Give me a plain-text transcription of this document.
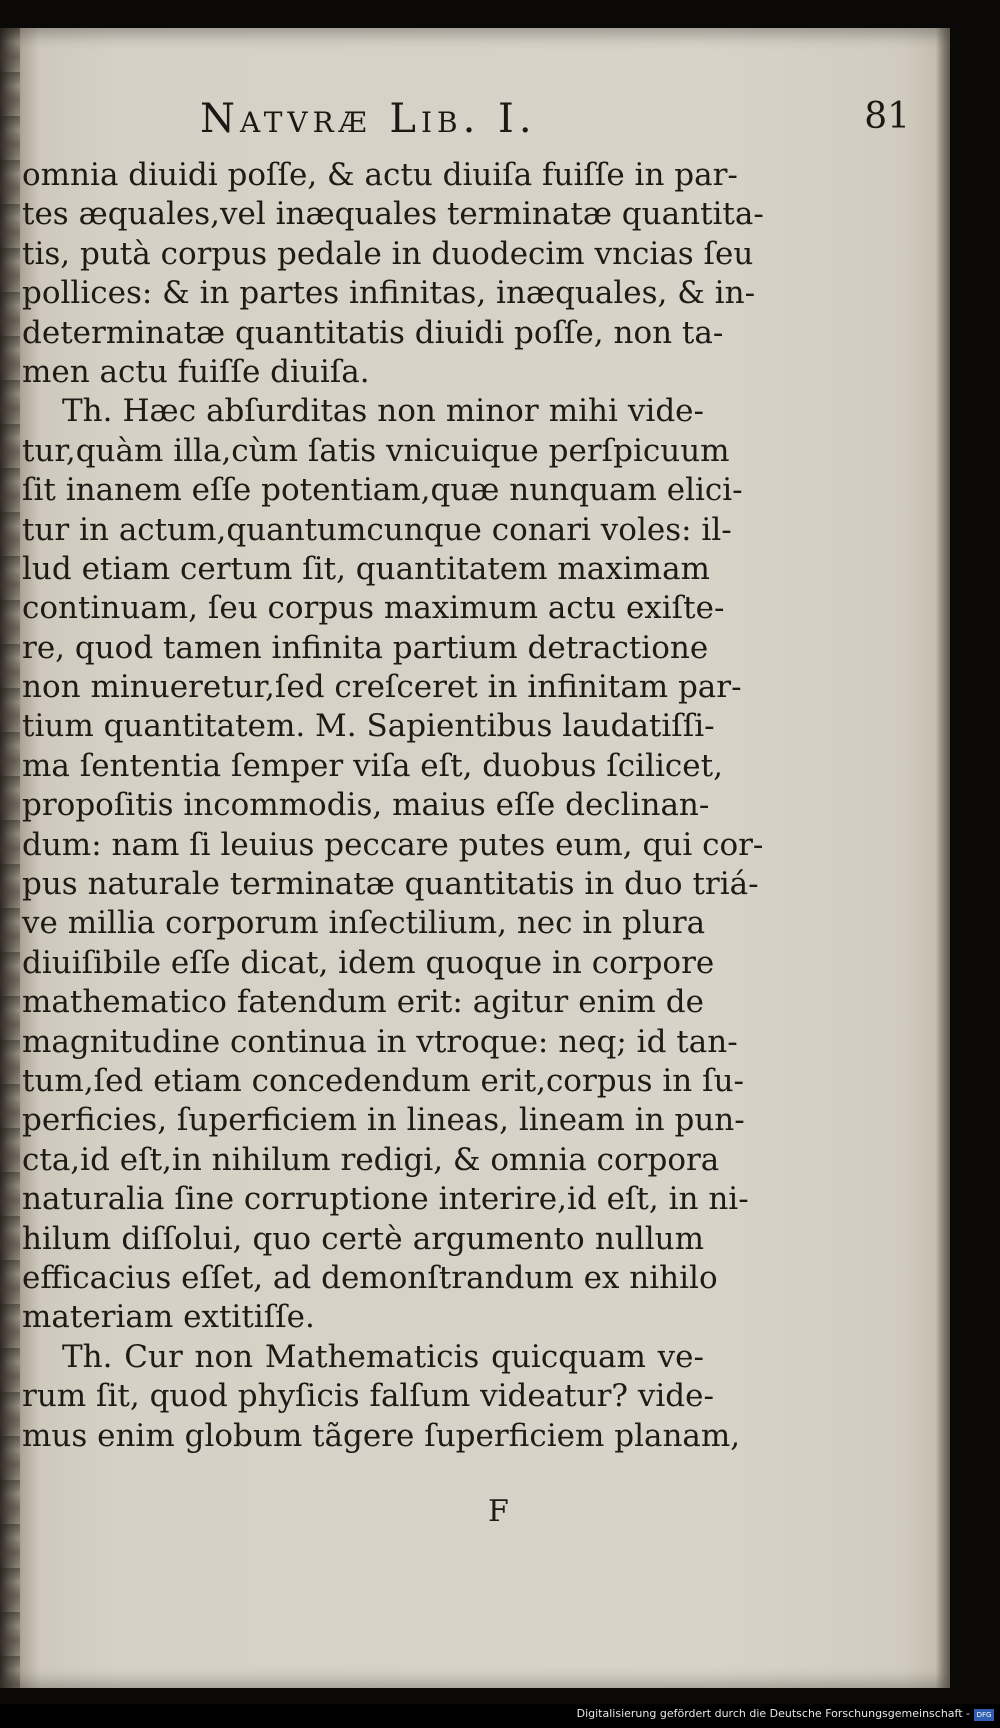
Natvræ Lib. I.	81
omnia diuidi poſſe, & actu diuiſa fuiſſe in par-
tes æquales,vel inæquales terminatæ quantita-
tis, putà corpus pedale in duodecim vncias ſeu
pollices: & in partes infinitas, inæquales, & in-
determinatæ quantitatis diuidi poſſe, non ta-
men actu fuiſſe diuiſa.
Th. Hæc abſurditas non minor mihi vide-
tur,quàm illa,cùm ſatis vnicuique perſpicuum
ſit inanem eſſe potentiam,quæ nunquam elici-
tur in actum,quantumcunque conari voles: il-
lud etiam certum ſit, quantitatem maximam
continuam, ſeu corpus maximum actu exiſte-
re, quod tamen infinita partium detractione
non minueretur,ſed creſceret in infinitam par-
tium quantitatem. M. Sapientibus laudatiſſi-
ma ſententia ſemper viſa eſt, duobus ſcilicet,
propoſitis incommodis, maius eſſe declinan-
dum: nam ſi leuius peccare putes eum, qui cor-
pus naturale terminatæ quantitatis in duo triá-
ve millia corporum inſectilium, nec in plura
diuiſibile eſſe dicat, idem quoque in corpore
mathematico fatendum erit: agitur enim de
magnitudine continua in vtroque: neq; id tan-
tum,ſed etiam concedendum erit,corpus in ſu-
perficies, ſuperficiem in lineas, lineam in pun-
cta,id eſt,in nihilum redigi, & omnia corpora
naturalia ſine corruptione interire,id eſt, in ni-
hilum diſſolui, quo certè argumento nullum
efficacius eſſet, ad demonſtrandum ex nihilo
materiam extitiſſe.
Th. Cur non Mathematicis quicquam ve-
rum ſit, quod phyſicis falſum videatur? vide-
mus enim globum tãgere ſuperficiem planam,
F
Digitalisierung gefördert durch die Deutsche Forschungsgemeinschaft - DFG
